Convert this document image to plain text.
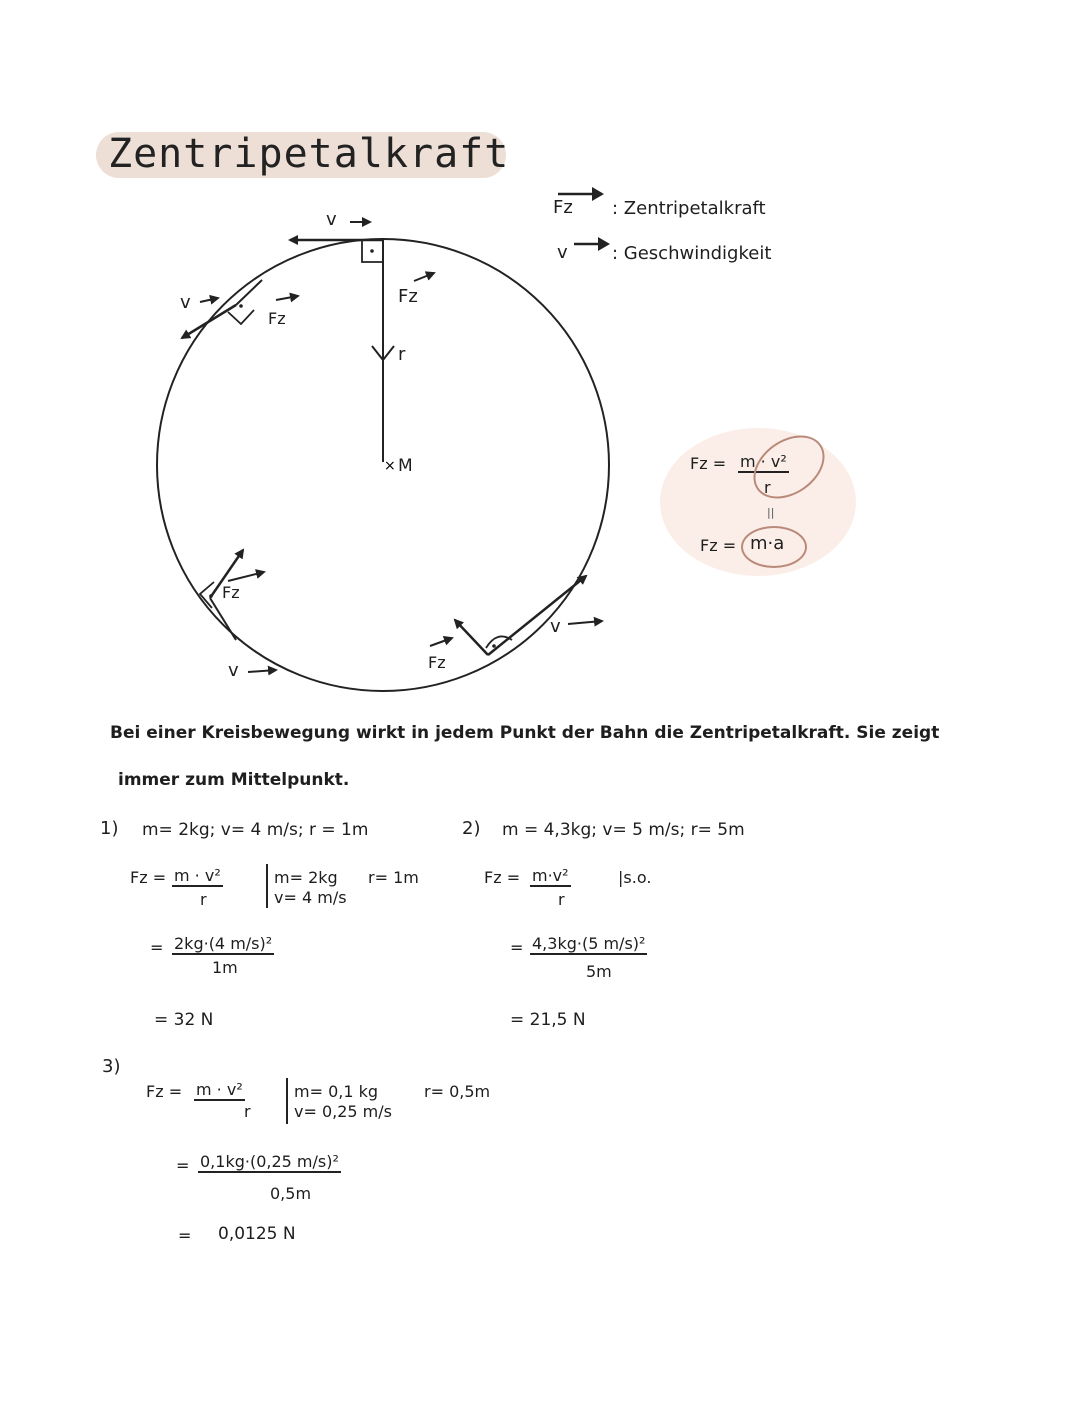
Zentripetalkraft
Fz : Zentripetalkraft
v : Geschwindigkeit
×
v
Fz
r
M
v
Fz
Fz
v	Fz
v
Fz = m · v²
r
||
Fz = m·a
Bei einer Kreisbewegung wirkt in jedem Punkt der Bahn die Zentripetalkraft. Sie zeigt
immer zum Mittelpunkt.
1) m= 2kg; v= 4 m/s; r = 1m
Fz = m · v²
r
m= 2kg
v= 4 m/s
r= 1m
= 2kg·(4 m/s)²
1m
= 32 N
2) m = 4,3kg; v= 5 m/s; r= 5m
Fz = m·v²
r
|s.o.
= 4,3kg·(5 m/s)²
5m
= 21,5 N
3)
Fz = m · v²
r
m= 0,1 kg
v= 0,25 m/s
r= 0,5m
= 0,1kg·(0,25 m/s)²
0,5m
= 0,0125 N
